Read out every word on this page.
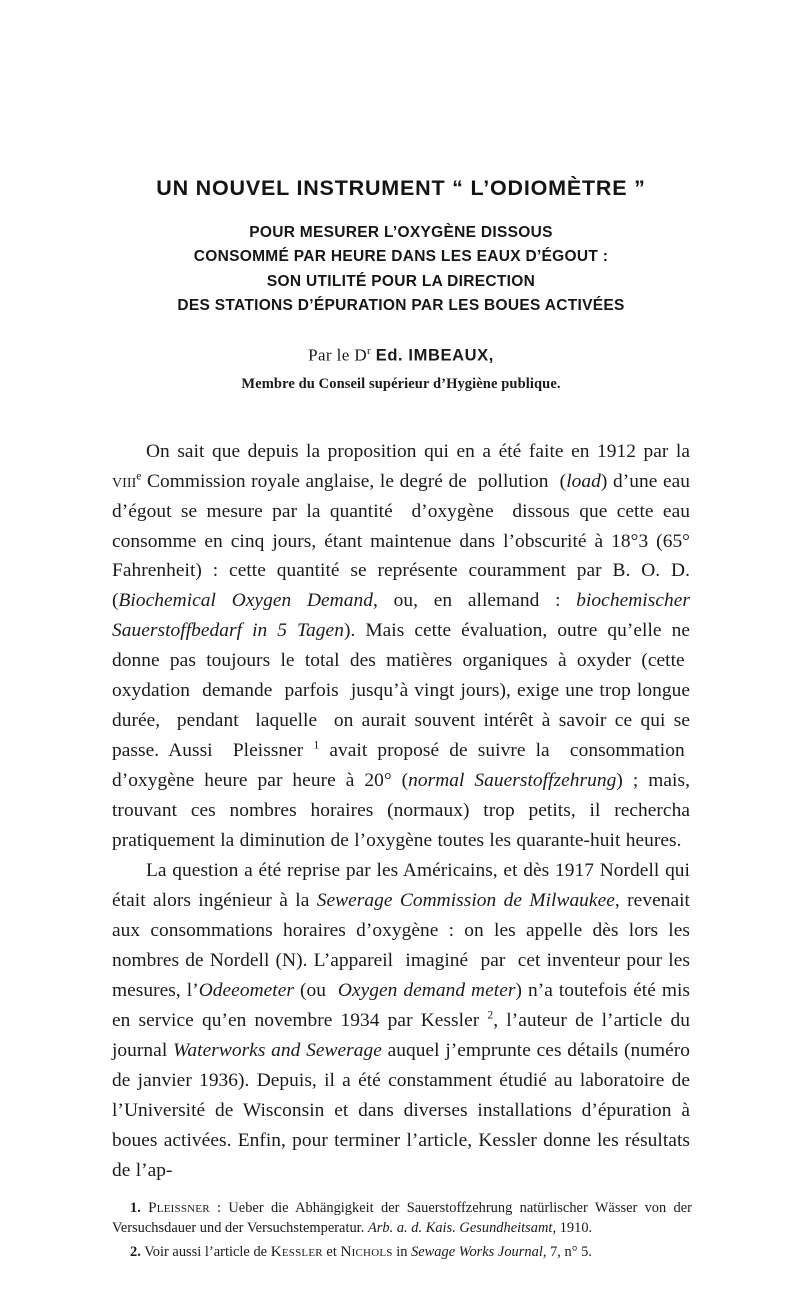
UN NOUVEL INSTRUMENT “ L’ODIOMÈTRE ”
POUR MESURER L’OXYGÈNE DISSOUS
CONSOMMÉ PAR HEURE DANS LES EAUX D’ÉGOUT :
SON UTILITÉ POUR LA DIRECTION
DES STATIONS D’ÉPURATION PAR LES BOUES ACTIVÉES
Par le $D^r$ Ed. IMBEAUX,
Membre du Conseil supérieur d’Hygiène publique.

On sait que depuis la proposition qui en a été faite en 1912 par la viii$^e$ Commission royale anglaise, le degré de  pollution  (load) d’une eau d’égout se mesure par la quantité  d’oxygène  dissous que cette eau consomme en cinq jours, étant maintenue dans l’obscurité à 18°3 (65° Fahrenheit) : cette quantité se représente couramment par B. O. D. (Biochemical Oxygen Demand, ou, en allemand : biochemischer Sauerstoffbedarf in 5 Tagen). Mais cette évaluation, outre qu’elle ne donne pas toujours le total des matières organiques à oxyder (cette  oxydation  demande  parfois  jusqu’à vingt jours), exige une trop longue durée,  pendant  laquelle  on aurait souvent intérêt à savoir ce qui se passe. Aussi  Pleissner $^1$ avait proposé de suivre la  consommation  d’oxygène heure par heure à 20° (normal Sauerstoffzehrung) ; mais, trouvant ces nombres horaires (normaux) trop petits, il rechercha pratiquement la diminution de l’oxygène toutes les quarante-huit heures.

La question a été reprise par les Américains, et dès 1917 Nordell qui était alors ingénieur à la Sewerage Commission de Milwaukee, revenait aux consommations horaires d’oxygène : on les appelle dès lors les nombres de Nordell (N). L’appareil  imaginé  par  cet inventeur pour les mesures, l’Odeeometer (ou  Oxygen demand meter) n’a toutefois été mis en service qu’en novembre 1934 par Kessler $^2$, l’auteur de l’article du journal Waterworks and Sewerage auquel j’emprunte ces détails (numéro de janvier 1936). Depuis, il a été constamment étudié au laboratoire de l’Université de Wisconsin et dans diverses installations d’épuration à boues activées. Enfin, pour terminer l’article, Kessler donne les résultats de l’ap-

1. Pleissner : Ueber die Abhängigkeit der Sauerstoffzehrung natürlischer Wässer von der Versuchsdauer und der Versuchstemperatur. Arb. a. d. Kais. Gesundheitsamt, 1910.

2. Voir aussi l’article de Kessler et Nichols in Sewage Works Journal, 7, n° 5.
